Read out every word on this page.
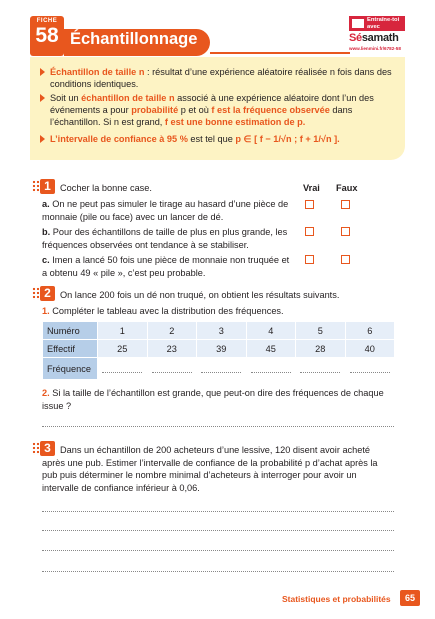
FICHE
58 Échantillonnage
Entraîne-toi avec
Sésamath
www.lienmini.fr/6782-58
Échantillon de taille n : résultat d’une expérience aléatoire réalisée n fois dans des conditions identiques.
Soit un échantillon de taille n associé à une expérience aléatoire dont l’un des événements a pour probabilité p et où f est la fréquence observée dans l’échantillon. Si n est grand, f est une bonne estimation de p.
L’intervalle de confiance à 95 % est tel que p ∈ [ f − 1/√n ; f + 1/√n ].
1 Cocher la bonne case.	Vrai Faux
a. On ne peut pas simuler le tirage au hasard d’une pièce de monnaie (pile ou face) avec un lancer de dé.
b. Pour des échantillons de taille de plus en plus grande, les fréquences observées ont tendance à se stabiliser.
c. Imen a lancé 50 fois une pièce de monnaie non truquée et a obtenu 49 « pile », c’est peu probable.
2 On lance 200 fois un dé non truqué, on obtient les résultats suivants.
1. Compléter le tableau avec la distribution des fréquences.
Numéro	1	2	3	4	5	6
Effectif	25	23	39	45	28	40
Fréquence						
2. Si la taille de l’échantillon est grande, que peut-on dire des fréquences de chaque issue ?
3 Dans un échantillon de 200 acheteurs d’une lessive, 120 disent avoir acheté après une pub. Estimer l’intervalle de confiance de la probabilité p d’achat après la pub puis déterminer le nombre minimal d’acheteurs à interroger pour avoir un intervalle de confiance inférieur à 0,06.
Statistiques et probabilités	65
